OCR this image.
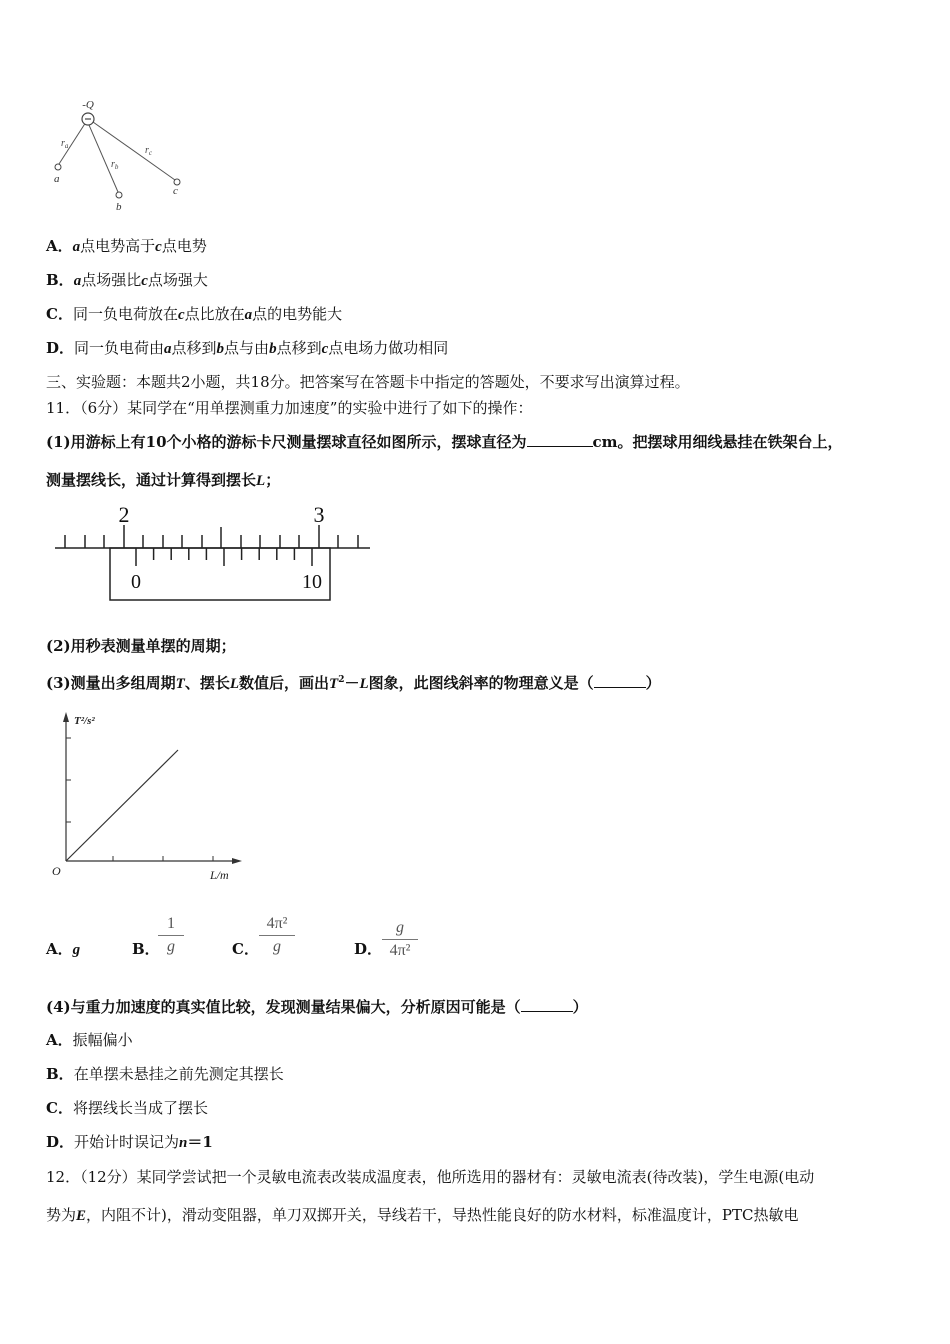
-Q
$r_a$
$r_b$
$r_c$
a
b
c
A．a点电势高于c点电势
B．a点场强比c点场强大
C．同一负电荷放在c点比放在a点的电势能大
D．同一负电荷由a点移到b点与由b点移到c点电场力做功相同
三、实验题：本题共2小题，共18分。把答案写在答题卡中指定的答题处，不要求写出演算过程。
11．（6分）某同学在“用单摆测重力加速度”的实验中进行了如下的操作：
(1)用游标上有10个小格的游标卡尺测量摆球直径如图所示，摆球直径为	cm。把摆球用细线悬挂在铁架台上，
测量摆线长，通过计算得到摆长L；
2	3
0	10
(2)用秒表测量单摆的周期；
(3)测量出多组周期T、摆长L数值后，画出$T^2-L$图象，此图线斜率的物理意义是（	）
T²/s²
L/m
O
A．g	B．
1
g	C．
4π²
g	D．
g
4π²
(4)与重力加速度的真实值比较，发现测量结果偏大，分析原因可能是（	）
A．振幅偏小
B．在单摆未悬挂之前先测定其摆长
C．将摆线长当成了摆长
D．开始计时误记为n＝1
12．（12分）某同学尝试把一个灵敏电流表改装成温度表，他所选用的器材有：灵敏电流表(待改装)，学生电源(电动
势为E，内阻不计)，滑动变阻器，单刀双掷开关，导线若干，导热性能良好的防水材料，标准温度计，PTC热敏电
